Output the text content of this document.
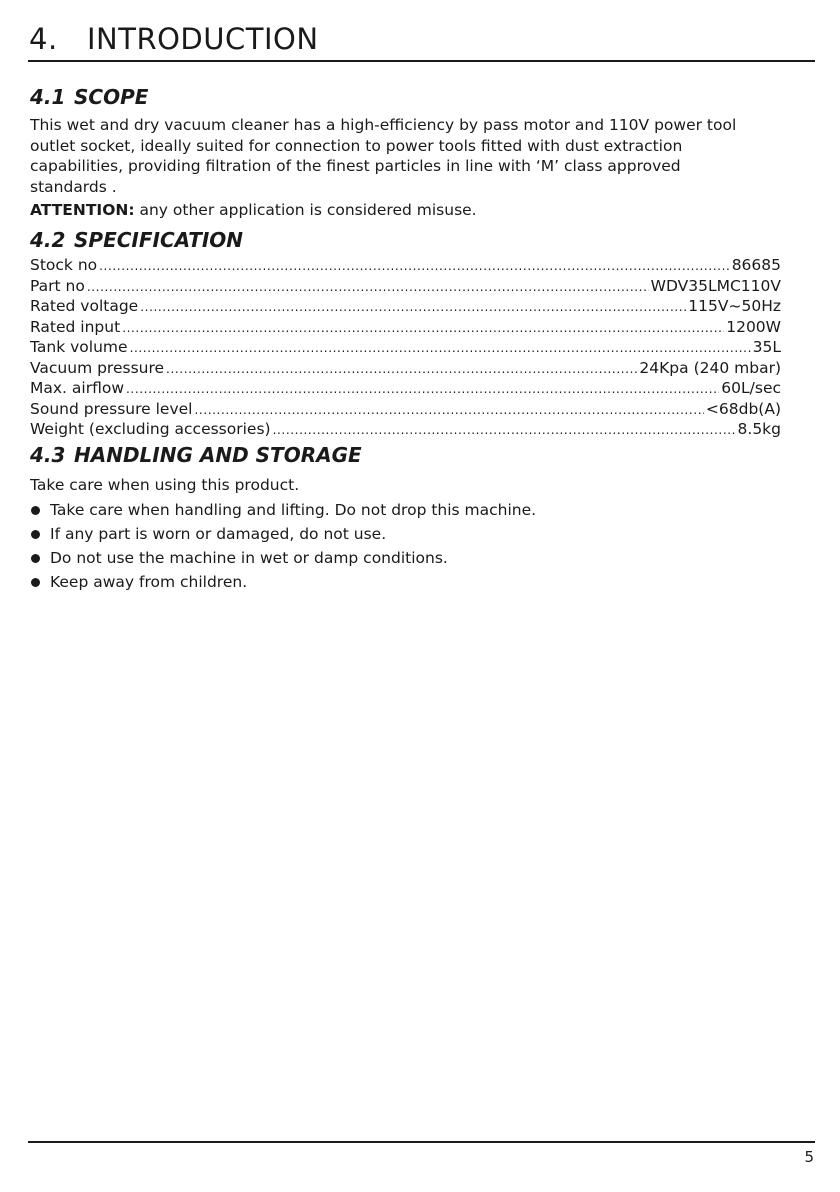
4. INTRODUCTION
4.1 SCOPE
This wet and dry vacuum cleaner has a high-efficiency by pass motor and 110V power tool
outlet socket, ideally suited for connection to power tools fitted with dust extraction
capabilities, providing filtration of the finest particles in line with ‘M’ class approved
standards .
ATTENTION: any other application is considered misuse.
4.2 SPECIFICATION
Stock no .....	86685
Part no .....	WDV35LMC110V
Rated voltage .....	115V~50Hz
Rated input .....	1200W
Tank volume .....	35L
Vacuum pressure .....	24Kpa (240 mbar)
Max. airflow .....	60L/sec
Sound pressure level .....	<68db(A)
Weight (excluding accessories) .....	8.5kg
4.3 HANDLING AND STORAGE
Take care when using this product.
Take care when handling and lifting. Do not drop this machine.
If any part is worn or damaged, do not use.
Do not use the machine in wet or damp conditions.
Keep away from children.
5
